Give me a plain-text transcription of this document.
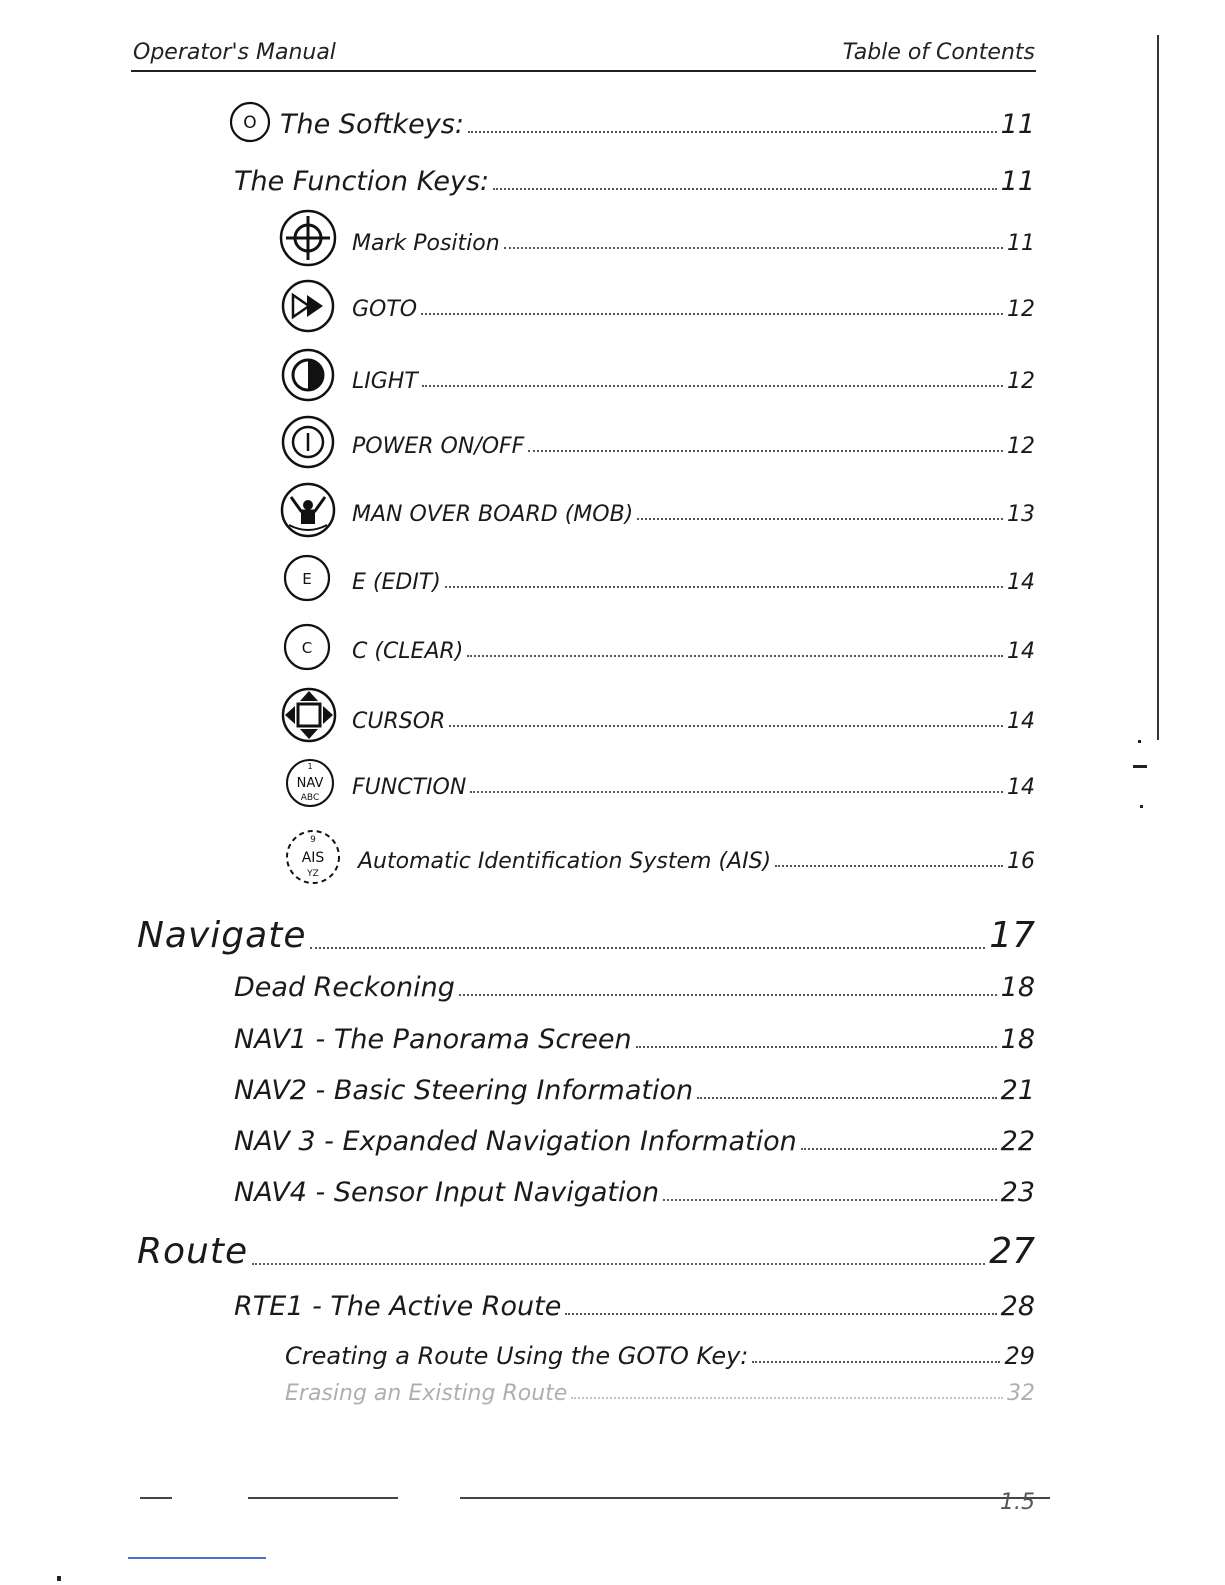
Operator's Manual	Table of Contents
O The Softkeys:	11
The Function Keys:	11
Mark Position	11
GOTO	12
LIGHT	12
POWER ON/OFF	12
MAN OVER BOARD (MOB)	13
E E (EDIT)	14
C C (CLEAR)	14
CURSOR	14
1
NAV
ABC FUNCTION	14
9
AIS
YZ Automatic Identification System (AIS)	16
Navigate	17
Dead Reckoning	18
NAV1 - The Panorama Screen	18
NAV2 - Basic Steering Information	21
NAV 3 - Expanded Navigation Information	22
NAV4 - Sensor Input Navigation	23
Route	27
RTE1 - The Active Route	28
Creating a Route Using the GOTO Key:	29
Erasing an Existing Route	32
1.5
